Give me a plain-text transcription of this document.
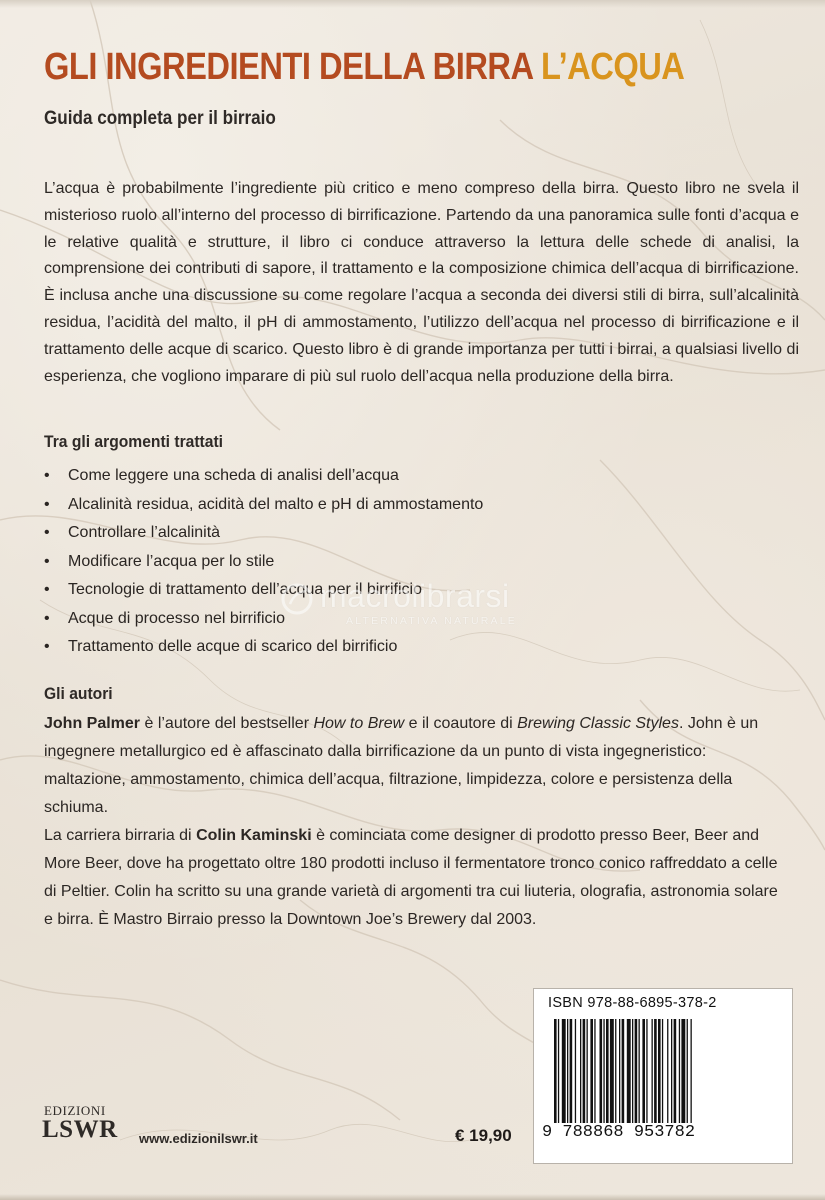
GLI INGREDIENTI DELLA BIRRA L’ACQUA
Guida completa per il birraio

L’acqua è probabilmente l’ingrediente più critico e meno compreso della birra. Questo libro ne svela il misterioso ruolo all’interno del processo di birrificazione. Partendo da una panoramica sulle fonti d’acqua e le relative qualità e strutture, il libro ci conduce attraverso la lettura delle schede di analisi, la comprensione dei contributi di sapore, il trattamento e la composizione chimica dell’acqua di birrificazione. È inclusa anche una discussione su come regolare l’acqua a seconda dei diversi stili di birra, sull’alcalinità residua, l’acidità del malto, il pH di ammostamento, l’utilizzo dell’acqua nel processo di birrificazione e il trattamento delle acque di scarico. Questo libro è di grande importanza per tutti i birrai, a qualsiasi livello di esperienza, che vogliono imparare di più sul ruolo dell’acqua nella produzione della birra.

Tra gli argomenti trattati
• Come leggere una scheda di analisi dell’acqua
• Alcalinità residua, acidità del malto e pH di ammostamento
• Controllare l’alcalinità
• Modificare l’acqua per lo stile
• Tecnologie di trattamento dell’acqua per il birrificio
• Acque di processo nel birrificio
• Trattamento delle acque di scarico del birrificio
Gli autori

John Palmer è l’autore del bestseller How to Brew e il coautore di Brewing Classic Styles. John è un ingegnere metallurgico ed è affascinato dalla birrificazione da un punto di vista ingegneristico: maltazione, ammostamento, chimica dell’acqua, filtrazione, limpidezza, colore e persistenza della schiuma.

La carriera birraria di Colin Kaminski è cominciata come designer di prodotto presso Beer, Beer and More Beer, dove ha progettato oltre 180 prodotti incluso il fermentatore tronco conico raffreddato a celle di Peltier. Colin ha scritto su una grande varietà di argomenti tra cui liuteria, olografia, astronomia solare e birra. È Mastro Birraio presso la Downtown Joe’s Brewery dal 2003.

macrolibrarsi
ALTERNATIVA NATURALE
ISBN 978-88-6895-378-2
9 788868 953782
EDIZIONI
LSWR www.edizionilswr.it	€ 19,90
